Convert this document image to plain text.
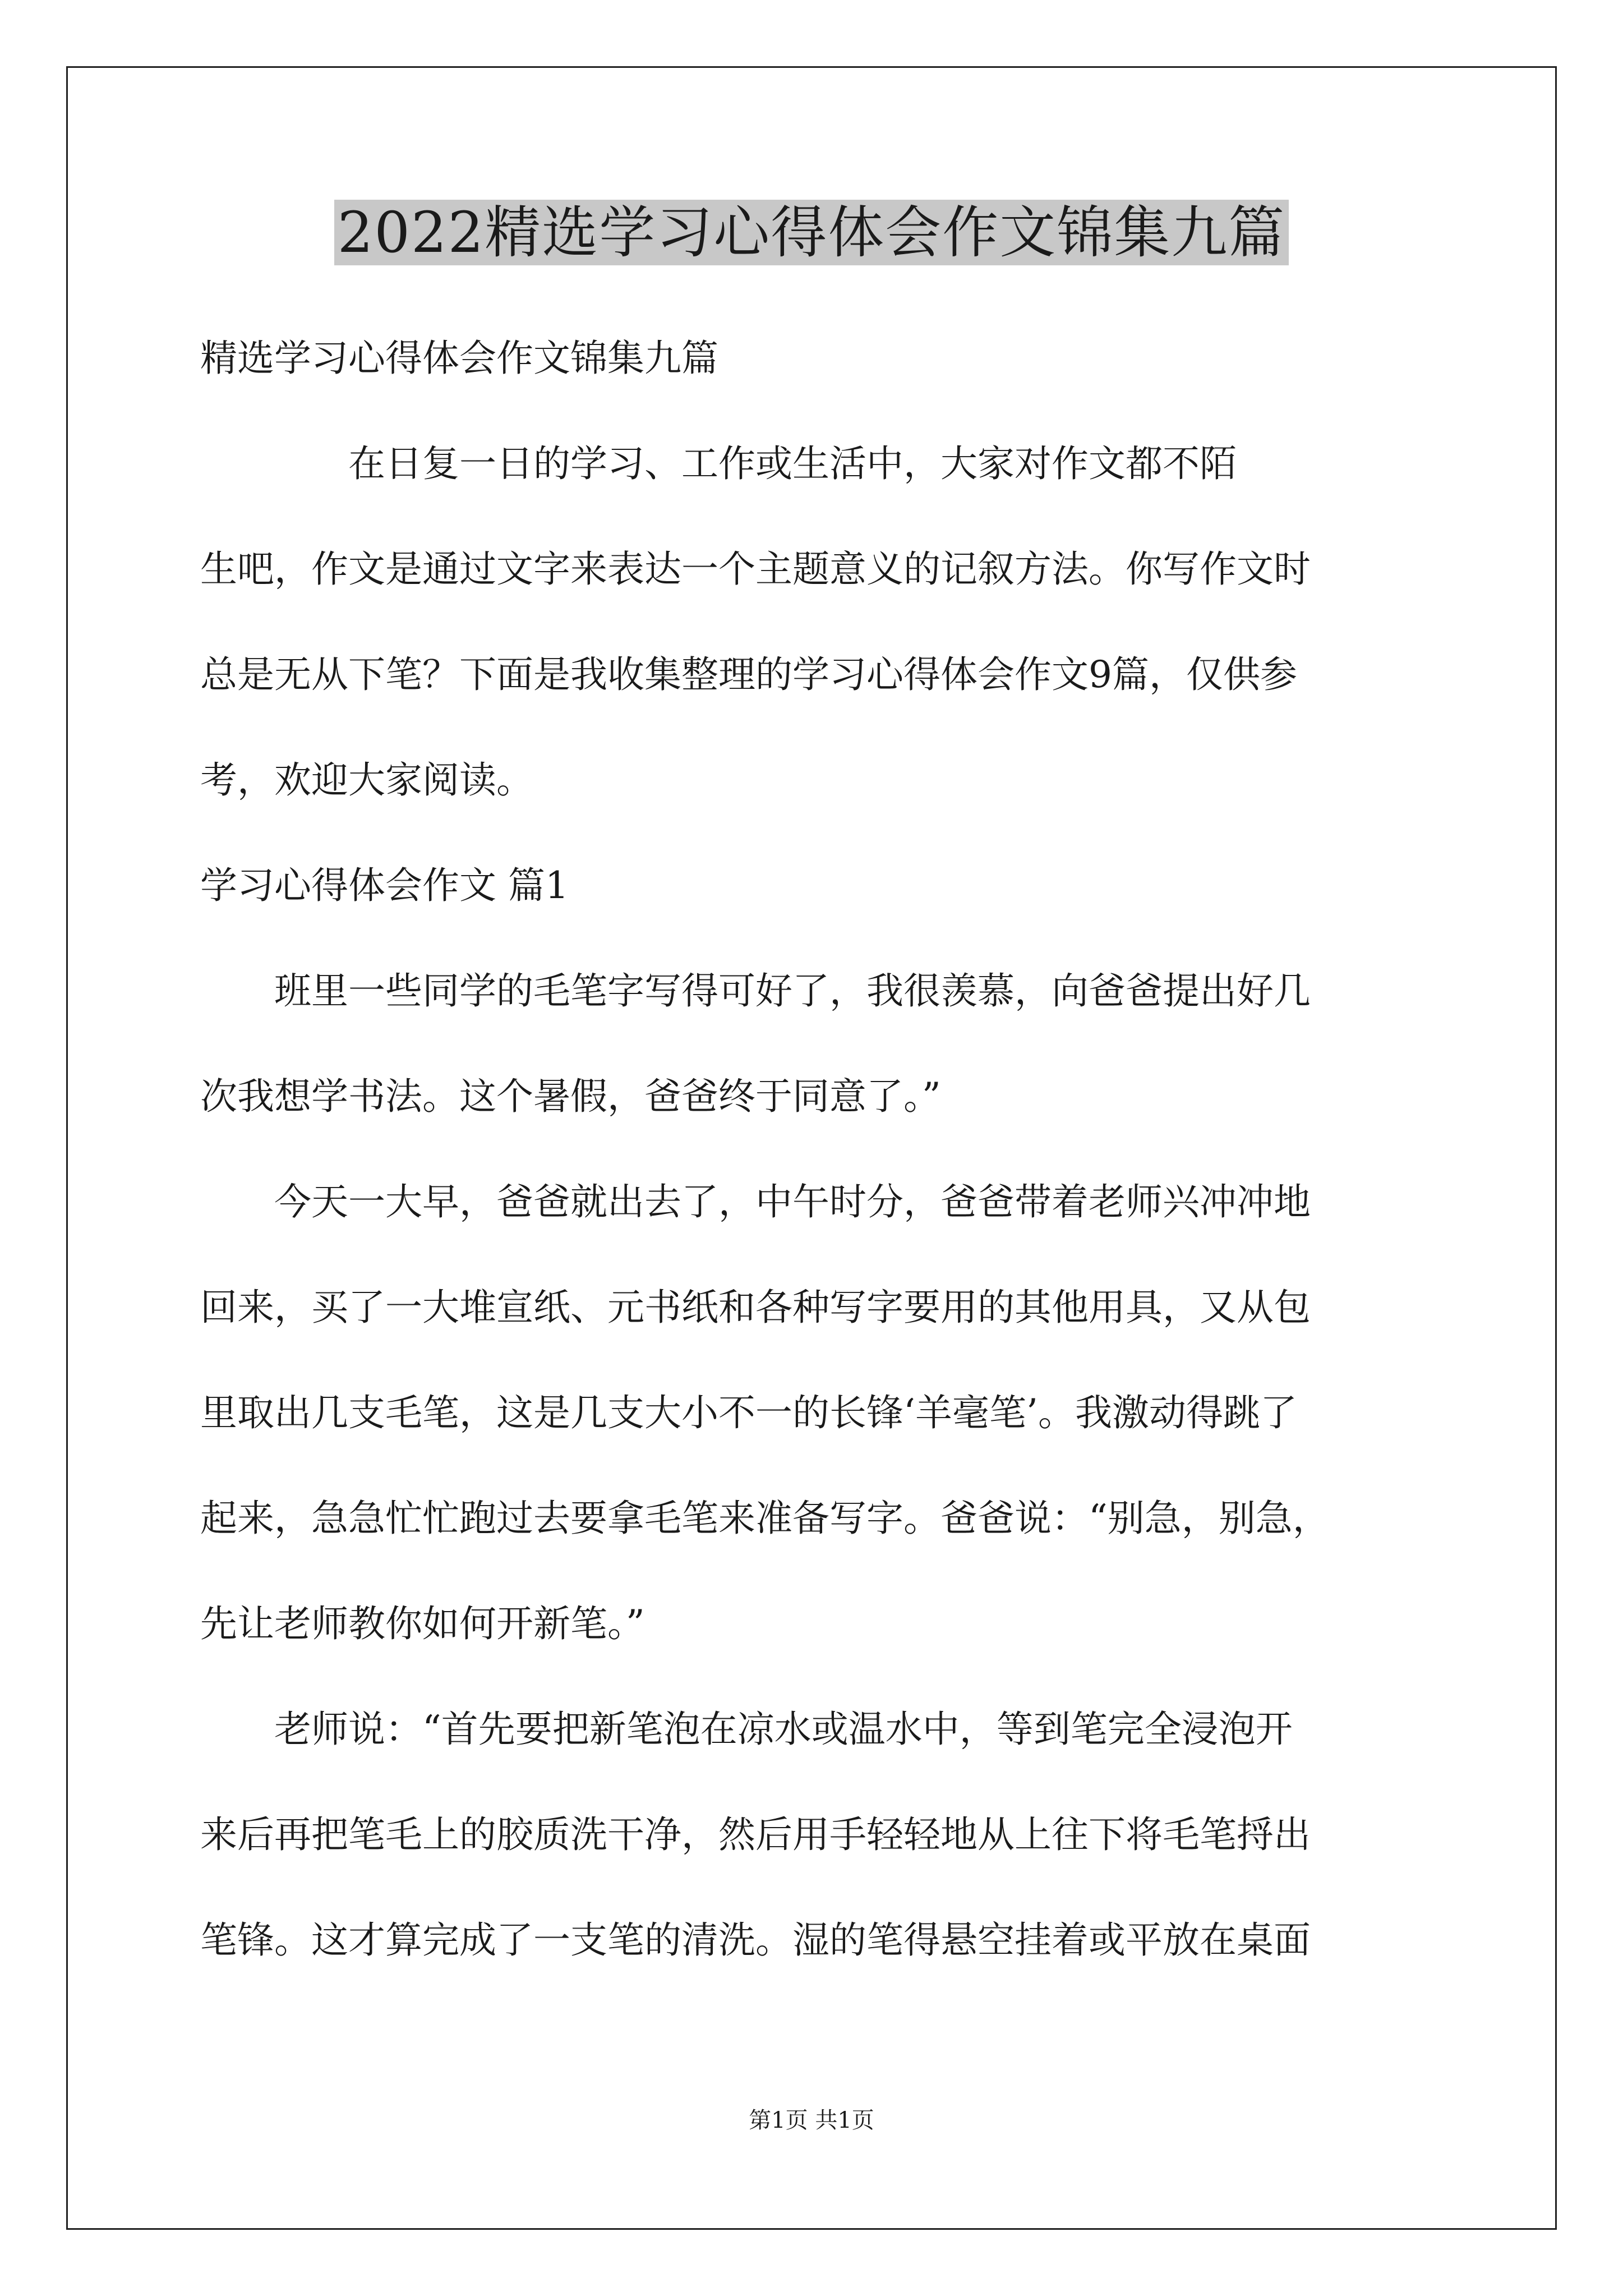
2022精选学习心得体会作文锦集九篇

精选学习心得体会作文锦集九篇

　　　　在日复一日的学习、工作或生活中，大家对作文都不陌

生吧，作文是通过文字来表达一个主题意义的记叙方法。你写作文时

总是无从下笔？下面是我收集整理的学习心得体会作文9篇，仅供参

考，欢迎大家阅读。

学习心得体会作文 篇1

　　班里一些同学的毛笔字写得可好了，我很羡慕，向爸爸提出好几

次我想学书法。这个暑假，爸爸终于同意了。”

　　今天一大早，爸爸就出去了，中午时分，爸爸带着老师兴冲冲地

回来，买了一大堆宣纸、元书纸和各种写字要用的其他用具，又从包

里取出几支毛笔，这是几支大小不一的长锋‘羊毫笔’。我激动得跳了

起来，急急忙忙跑过去要拿毛笔来准备写字。爸爸说：“别急，别急，

先让老师教你如何开新笔。”

　　老师说：“首先要把新笔泡在凉水或温水中，等到笔完全浸泡开

来后再把笔毛上的胶质洗干净，然后用手轻轻地从上往下将毛笔捋出

笔锋。这才算完成了一支笔的清洗。湿的笔得悬空挂着或平放在桌面

第1页 共1页
